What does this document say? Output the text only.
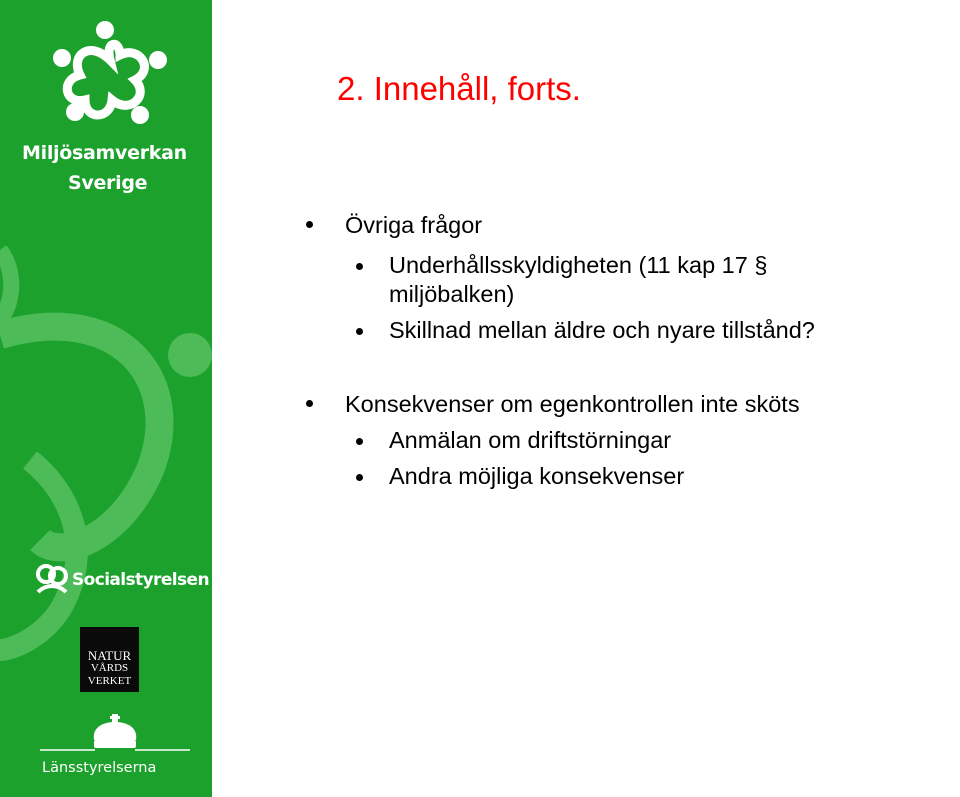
Miljösamverkan
Sverige
Socialstyrelsen
NATUR
VÅRDS
VERKET
Länsstyrelserna
2. Innehåll, forts.
Övriga frågor
Underhållsskyldigheten (11 kap 17 §
miljöbalken)
Skillnad mellan äldre och nyare tillstånd?
Konsekvenser om egenkontrollen inte sköts
Anmälan om driftstörningar
Andra möjliga konsekvenser
